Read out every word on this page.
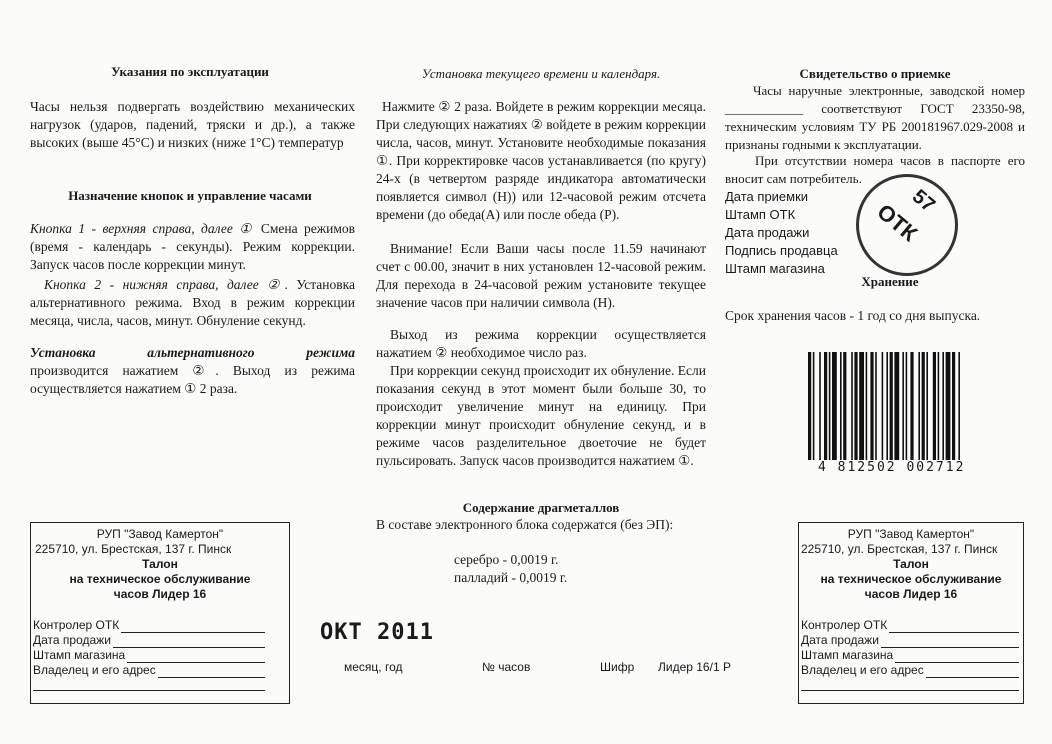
Указания по эксплуатации
Часы нельзя подвергать воздействию механических нагрузок (ударов, падений, тряски и др.), а также высоких (выше 45°С) и низких (ниже 1°С) температур
Назначение кнопок и управление часами
Кнопка 1 - верхняя справа, далее ① Смена режимов (время - календарь - секунды). Режим коррекции. Запуск часов после коррекции минут.
Кнопка 2 - нижняя справа, далее ②. Установка альтернативного режима. Вход в режим коррекции месяца, числа, часов, минут. Обнуление секунд.
Установка альтернативного режима
производится нажатием ②. Выход из режима осуществляется нажатием ① 2 раза.
Установка текущего времени и календаря.
Нажмите ② 2 раза. Войдете в режим коррекции месяца. При следующих нажатиях ② войдете в режим коррекции числа, часов, минут. Установите необходимые показания ①. При корректировке часов устанавливается (по кругу) 24-х (в четвертом разряде индикатора автоматически появляется символ (H)) или 12-часовой режим отсчета времени (до обеда(А) или после обеда (Р).
Внимание! Если Ваши часы после 11.59 начинают счет с 00.00, значит в них установлен 12-часовой режим. Для перехода в 24-часовой режим установите текущее значение часов при наличии символа (H).
Выход из режима коррекции осуществляется нажатием ② необходимое число раз.
При коррекции секунд происходит их обнуление. Если показания секунд в этот момент были больше 30, то происходит увеличение минут на единицу. При коррекции минут происходит обнуление секунд, и в режиме часов разделительное двоеточие не будет пульсировать. Запуск часов производится нажатием ①.
Содержание драгметаллов
В составе электронного блока содержатся (без ЭП):
серебро - 0,0019 г.
палладий - 0,0019 г.
Свидетельство о приемке
Часы наручные электронные, заводской номер ____________ соответствуют ГОСТ 23350-98, техническим условиям ТУ РБ 200181967.029-2008 и признаны годными к эксплуатации.
При отсутствии номера часов в паспорте его вносит сам потребитель.
Дата приемки
Штамп ОТК
Дата продажи
Подпись продавца
Штамп магазина
ОТК
57
Хранение
Срок хранения часов - 1 год со дня выпуска.
4 812502 002712
РУП "Завод Камертон"
225710, ул. Брестская, 137 г. Пинск
Талон
на техническое обслуживание
часов Лидер 16
Контролер ОТК
Дата продажи
Штамп магазина
Владелец и его адрес
РУП "Завод Камертон"
225710, ул. Брестская, 137 г. Пинск
Талон
на техническое обслуживание
часов Лидер 16
Контролер ОТК
Дата продажи
Штамп магазина
Владелец и его адрес
ОКТ 2011
месяц, год	№ часов	Шифр Лидер 16/1 Р
